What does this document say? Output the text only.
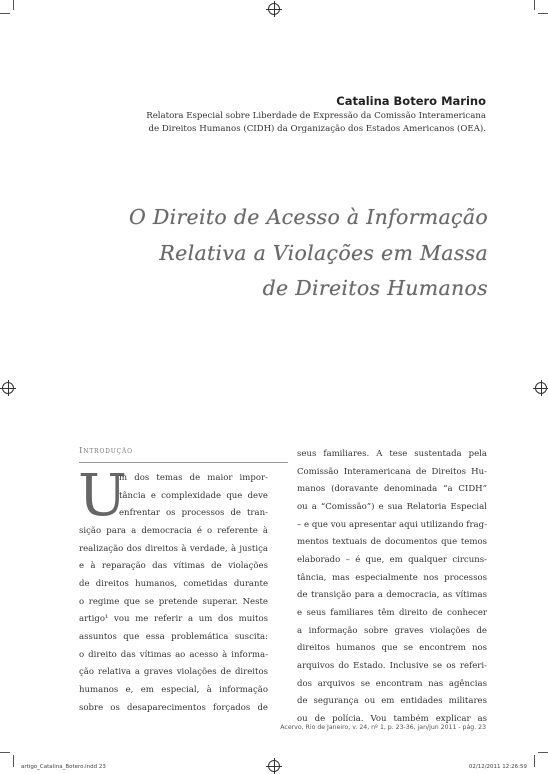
Catalina Botero Marino
Relatora Especial sobre Liberdade de Expressão da Comissão Interamericana
de Direitos Humanos (CIDH) da Organização dos Estados Americanos (OEA).
O Direito de Acesso à Informação
Relativa a Violações em Massa
de Direitos Humanos
Introdução
U
m dos temas de maior impor-
tância e complexidade que deve
enfrentar os processos de tran-
sição para a democracia é o referente à
realização dos direitos à verdade, à justiça
e à reparação das vítimas de violações
de direitos humanos, cometidas durante
o regime que se pretende superar. Neste
artigo¹ vou me referir a um dos muitos
assuntos que essa problemática suscita:
o direito das vítimas ao acesso à informa-
ção relativa a graves violações de direitos
humanos e, em especial, à informação
sobre os desaparecimentos forçados de
seus familiares. A tese sustentada pela
Comissão Interamericana de Direitos Hu-
manos (doravante denominada “a CIDH”
ou a “Comissão”) e sua Relatoria Especial
– e que vou apresentar aqui utilizando frag-
mentos textuais de documentos que temos
elaborado – é que, em qualquer circuns-
tância, mas especialmente nos processos
de transição para a democracia, as vítimas
e seus familiares têm direito de conhecer
a informação sobre graves violações de
direitos humanos que se encontrem nos
arquivos do Estado. Inclusive se os referi-
dos arquivos se encontram nas agências
de segurança ou em entidades militares
ou de polícia. Vou também explicar as
Acervo, Rio de Janeiro, v. 24, nº 1, p. 23-36, jan/jun 2011 - pág. 23
artigo_Catalina_Botero.indd 23	02/12/2011 12:26:59
